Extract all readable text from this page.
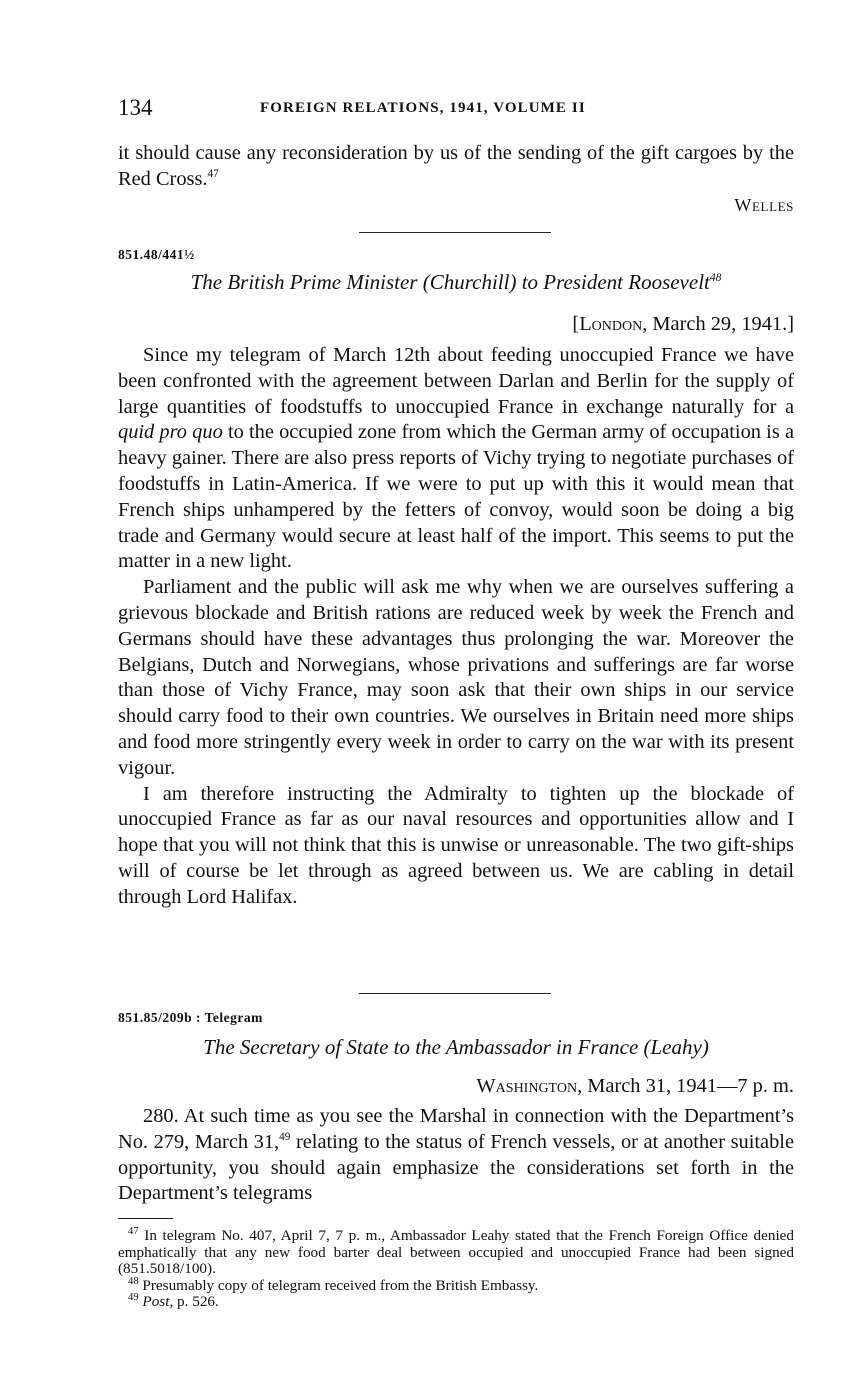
134	FOREIGN RELATIONS, 1941, VOLUME II

it should cause any reconsideration by us of the sending of the gift cargoes by the Red Cross.$^{47}$

Welles
851.48/441½
The British Prime Minister (Churchill) to President Roosevelt$^{48}$
[London, March 29, 1941.]

Since my telegram of March 12th about feeding unoccupied France we have been confronted with the agreement between Darlan and Berlin for the supply of large quantities of foodstuffs to unoccupied France in exchange naturally for a quid pro quo to the occupied zone from which the German army of occupation is a heavy gainer. There are also press reports of Vichy trying to negotiate purchases of foodstuffs in Latin-America. If we were to put up with this it would mean that French ships unhampered by the fetters of convoy, would soon be doing a big trade and Germany would secure at least half of the import. This seems to put the matter in a new light.

Parliament and the public will ask me why when we are ourselves suffering a grievous blockade and British rations are reduced week by week the French and Germans should have these advantages thus prolonging the war. Moreover the Belgians, Dutch and Norwegians, whose privations and sufferings are far worse than those of Vichy France, may soon ask that their own ships in our service should carry food to their own countries. We ourselves in Britain need more ships and food more stringently every week in order to carry on the war with its present vigour.

I am therefore instructing the Admiralty to tighten up the blockade of unoccupied France as far as our naval resources and opportunities allow and I hope that you will not think that this is unwise or unreasonable. The two gift-ships will of course be let through as agreed between us. We are cabling in detail through Lord Halifax.

851.85/209b : Telegram
The Secretary of State to the Ambassador in France (Leahy)
Washington, March 31, 1941—7 p. m.

280. At such time as you see the Marshal in connection with the Department’s No. 279, March 31,49 relating to the status of French vessels, or at another suitable opportunity, you should again emphasize the considerations set forth in the Department’s telegrams

$^{47}$ In telegram No. 407, April 7, 7 p. m., Ambassador Leahy stated that the French Foreign Office denied emphatically that any new food barter deal between occupied and unoccupied France had been signed (851.5018/100).

$^{48}$ Presumably copy of telegram received from the British Embassy.

$^{49}$ Post, p. 526.
